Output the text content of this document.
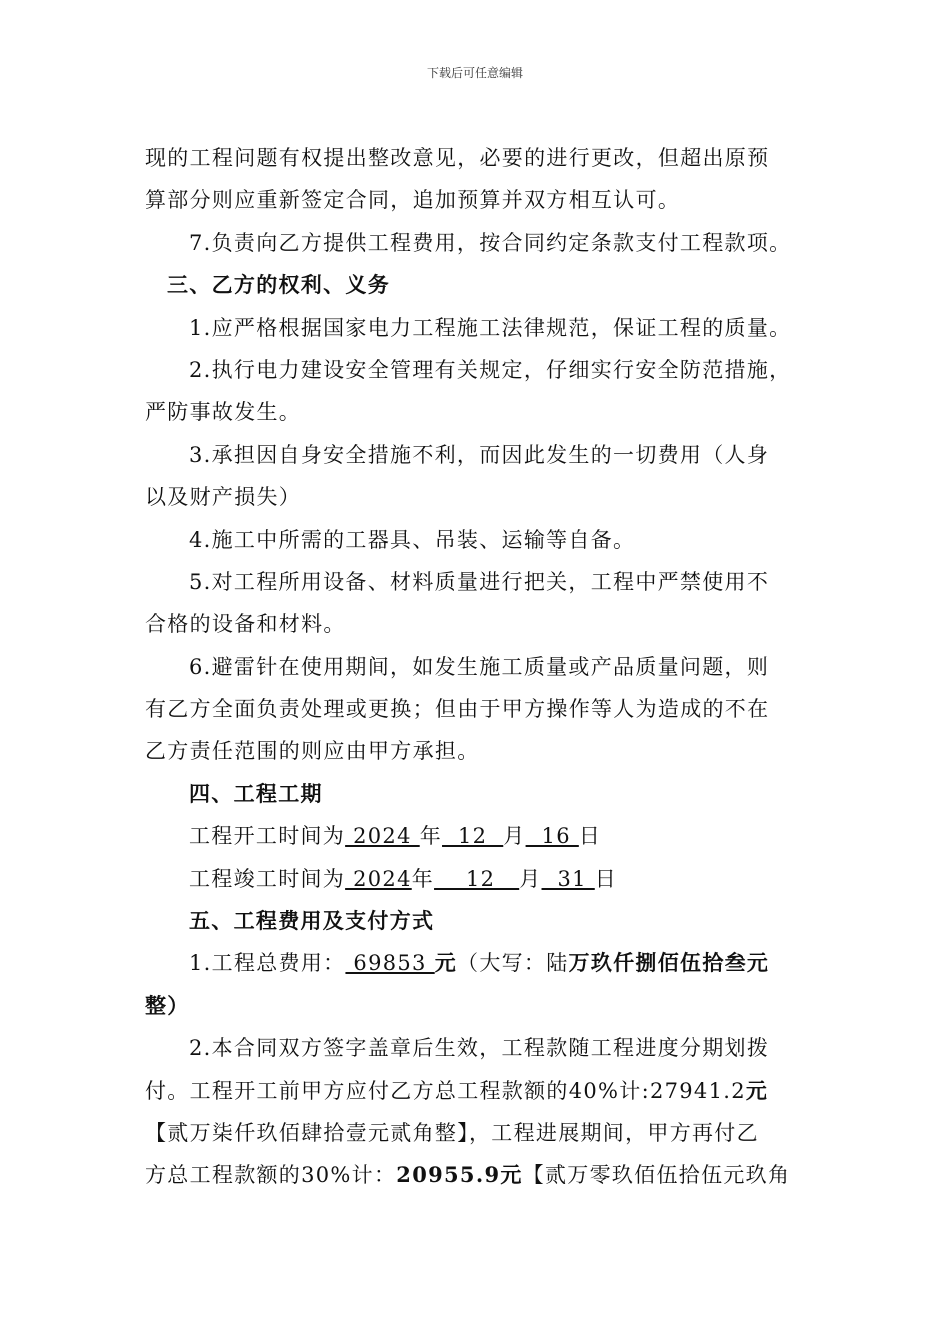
下载后可任意编辑
现的工程问题有权提出整改意见，必要的进行更改，但超出原预
算部分则应重新签定合同，追加预算并双方相互认可。
7.负责向乙方提供工程费用，按合同约定条款支付工程款项。
三、乙方的权利、义务
1.应严格根据国家电力工程施工法律规范，保证工程的质量。
2.执行电力建设安全管理有关规定，仔细实行安全防范措施，
严防事故发生。
3.承担因自身安全措施不利，而因此发生的一切费用（人身
以及财产损失）
4.施工中所需的工器具、吊装、运输等自备。
5.对工程所用设备、材料质量进行把关，工程中严禁使用不
合格的设备和材料。
6.避雷针在使用期间，如发生施工质量或产品质量问题，则
有乙方全面负责处理或更换；但由于甲方操作等人为造成的不在
乙方责任范围的则应由甲方承担。
四、工程工期
工程开工时间为 2024 年  12  月  16 日
工程竣工时间为 2024年    12   月  31 日
五、工程费用及支付方式
1.工程总费用： 69853 元（大写：陆万玖仟捌佰伍拾叁元
整）
2.本合同双方签字盖章后生效，工程款随工程进度分期划拨
付。工程开工前甲方应付乙方总工程款额的40%计:27941.2元
【贰万柒仟玖佰肆拾壹元贰角整】，工程进展期间，甲方再付乙
方总工程款额的30%计：20955.9元【贰万零玖佰伍拾伍元玖角
